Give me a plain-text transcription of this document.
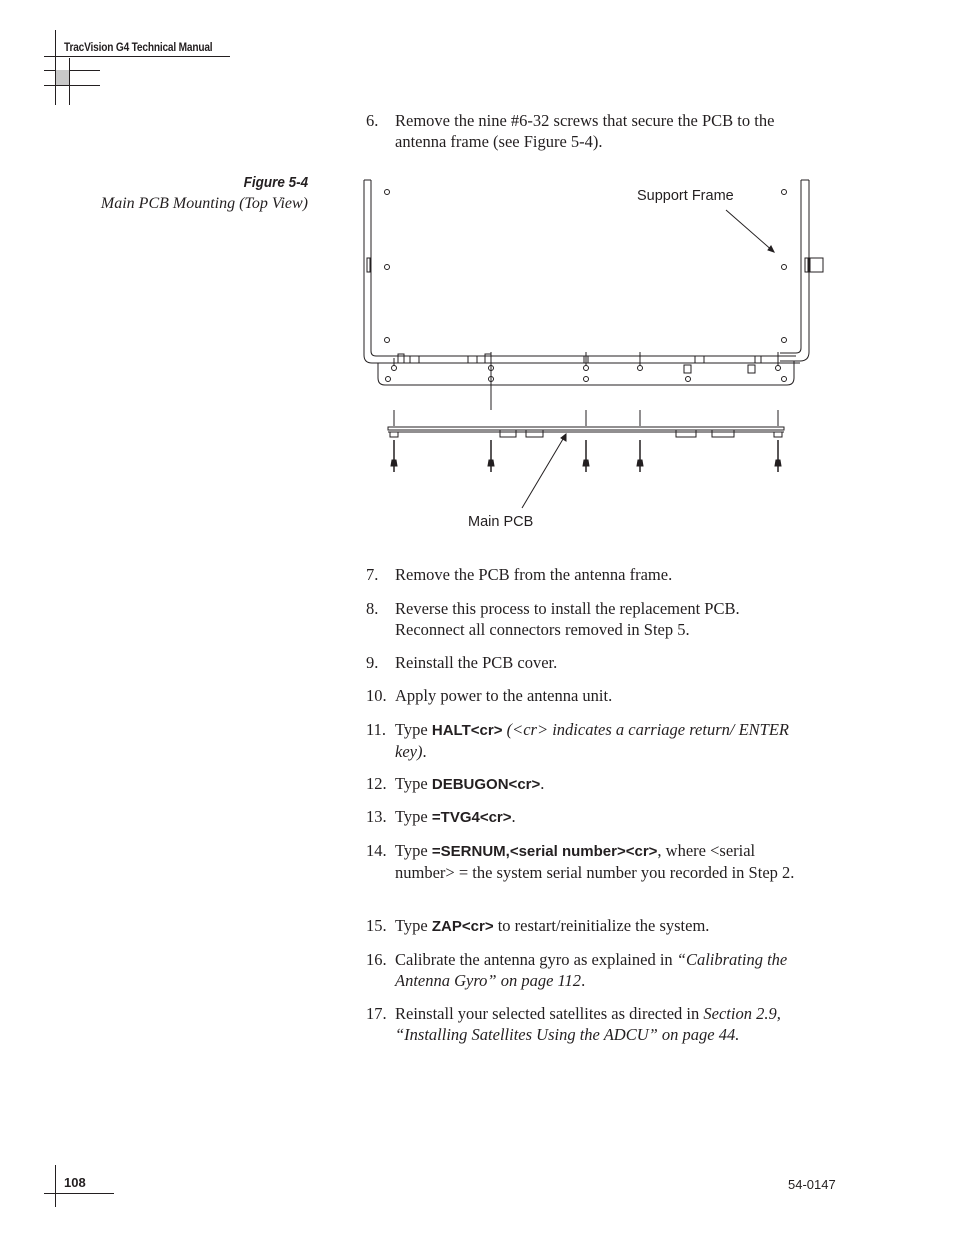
TracVision G4 Technical Manual
Figure 5-4
Main PCB Mounting (Top View)	Support Frame
Main PCB
6. Remove the nine #6-32 screws that secure the PCB to the antenna frame (see Figure 5-4).
7. Remove the PCB from the antenna frame.
8. Reverse this process to install the replacement PCB. Reconnect all connectors removed in Step 5.
9. Reinstall the PCB cover.
10. Apply power to the antenna unit.
11. Type HALT<cr> (<cr> indicates a carriage return/ ENTER key).
12. Type DEBUGON<cr>.
13. Type =TVG4<cr>.
14. Type =SERNUM,<serial number><cr>, where <serial number> = the system serial number you recorded in Step 2.
15. Type ZAP<cr> to restart/reinitialize the system.
16. Calibrate the antenna gyro as explained in “Calibrating the Antenna Gyro” on page 112.
17. Reinstall your selected satellites as directed in Section 2.9, “Installing Satellites Using the ADCU” on page 44.
108	54-0147
